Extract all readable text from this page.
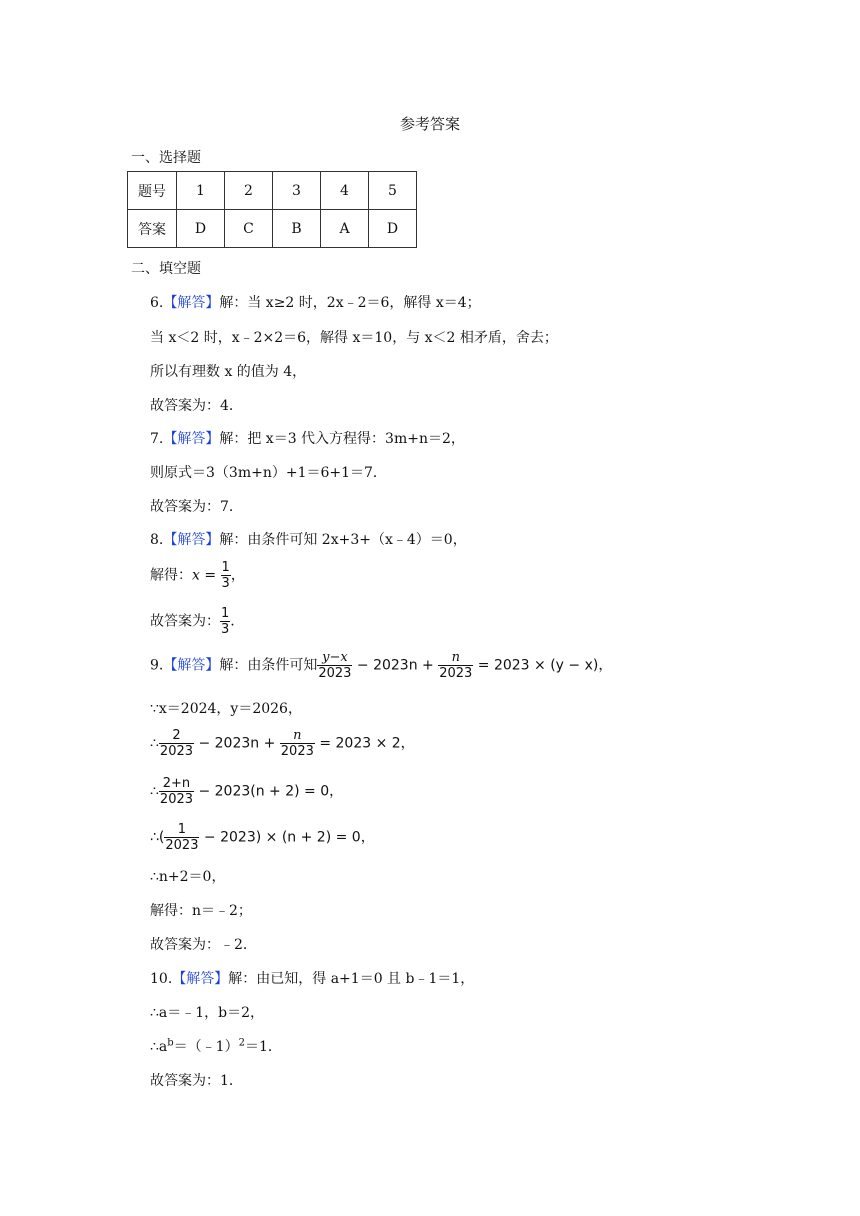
参考答案
一、选择题
题号	1	2	3	4	5
答案	D	C	B	A	D
二、填空题
6.【解答】解：当 x≥2 时，2x﹣2＝6，解得 x＝4；
当 x＜2 时，x﹣2×2＝6，解得 x＝10，与 x＜2 相矛盾，舍去；
所以有理数 x 的值为 4，
故答案为：4．
7.【解答】解：把 x＝3 代入方程得：3m+n＝2，
则原式＝3（3m+n）+1＝6+1＝7．
故答案为：7．
8.【解答】解：由条件可知 2x+3+（x﹣4）＝0，
解得：$x = \frac{1}{3}$ ，
故答案为： $\frac{1}{3}$ .
9.【解答】解：由条件可知 $\frac{y-x}{2023} - 2023n + \frac{n}{2023} = 2023 \times (y - x)$，
∵x＝2024，y＝2026，
∴ $\frac{2}{2023} - 2023n + \frac{n}{2023} = 2023 \times 2$，
∴ $\frac{2+n}{2023} - 2023(n + 2) = 0$，
∴( $\frac{1}{2023} - 2023) \times (n + 2) = 0$，
∴n+2＝0，
解得：n＝﹣2；
故答案为：﹣2．
10.【解答】解：由已知，得 a+1＝0 且 b﹣1＝1，
∴a＝﹣1，b＝2，
$\therefore a^b=(﹣1)^2=1$．
故答案为：1．
